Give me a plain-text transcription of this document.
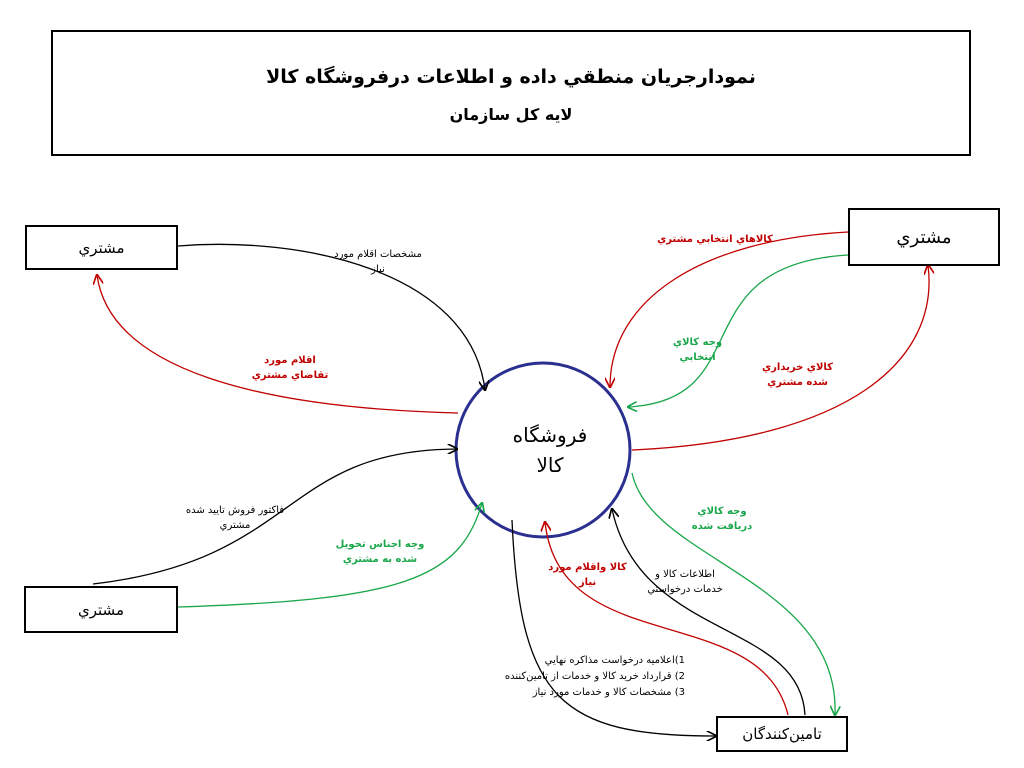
نمودارجريان منطقي داده و اطلاعات درفروشگاه كالا
لايه كل سازمان
مشتري	مشتري
مشتري
تامين‌كنندگان
فروشگاه
كالا
مشخصات اقلام مورد
نياز
اقلام مورد
تقاضاي مشتري
كالاهاي انتخابي مشتري
وجه كالاي
انتخابي
كالاي خريداري
شده مشتري
فاكتور فروش تاييد شده
مشتري
وجه اجناس تحويل
شده به مشتري
وجه كالاي
دريافت شده
كالا واقلام مورد
نياز
اطلاعات كالا و
خدمات درخواستي
1)اعلاميه درخواست مذاكره نهايي
2) قرارداد خريد كالا و خدمات از تامين‌كننده
3) مشخصات كالا و خدمات مورد نياز
